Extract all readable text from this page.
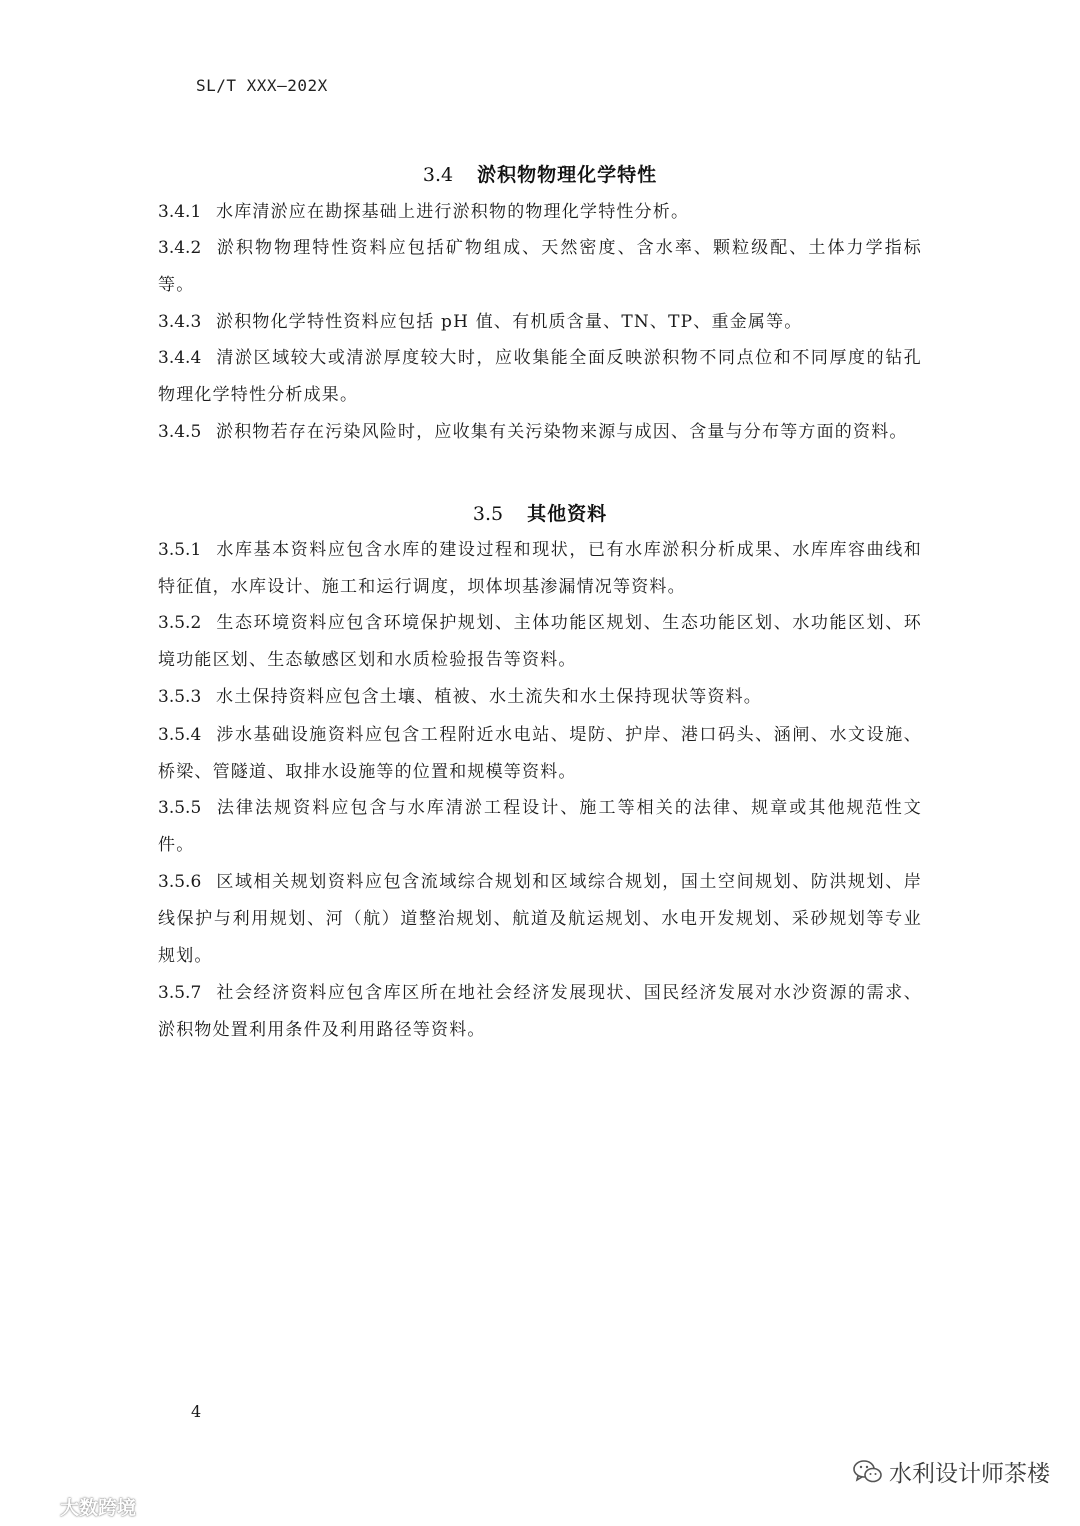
SL/T XXX—202X
3.4 淤积物物理化学特性
3.4.1 水库清淤应在勘探基础上进行淤积物的物理化学特性分析。
3.4.2 淤积物物理特性资料应包括矿物组成、天然密度、含水率、颗粒级配、土体力学指标等。
3.4.3 淤积物化学特性资料应包括 pH 值、有机质含量、TN、TP、重金属等。
3.4.4 清淤区域较大或清淤厚度较大时，应收集能全面反映淤积物不同点位和不同厚度的钻孔物理化学特性分析成果。
3.4.5 淤积物若存在污染风险时，应收集有关污染物来源与成因、含量与分布等方面的资料。
3.5 其他资料
3.5.1 水库基本资料应包含水库的建设过程和现状，已有水库淤积分析成果、水库库容曲线和特征值，水库设计、施工和运行调度，坝体坝基渗漏情况等资料。
3.5.2 生态环境资料应包含环境保护规划、主体功能区规划、生态功能区划、水功能区划、环境功能区划、生态敏感区划和水质检验报告等资料。
3.5.3 水土保持资料应包含土壤、植被、水土流失和水土保持现状等资料。
3.5.4 涉水基础设施资料应包含工程附近水电站、堤防、护岸、港口码头、涵闸、水文设施、桥梁、管隧道、取排水设施等的位置和规模等资料。
3.5.5 法律法规资料应包含与水库清淤工程设计、施工等相关的法律、规章或其他规范性文件。
3.5.6 区域相关规划资料应包含流域综合规划和区域综合规划，国土空间规划、防洪规划、岸线保护与利用规划、河（航）道整治规划、航道及航运规划、水电开发规划、采砂规划等专业规划。
3.5.7 社会经济资料应包含库区所在地社会经济发展现状、国民经济发展对水沙资源的需求、淤积物处置利用条件及利用路径等资料。
4
水利设计师茶楼
大数跨境
